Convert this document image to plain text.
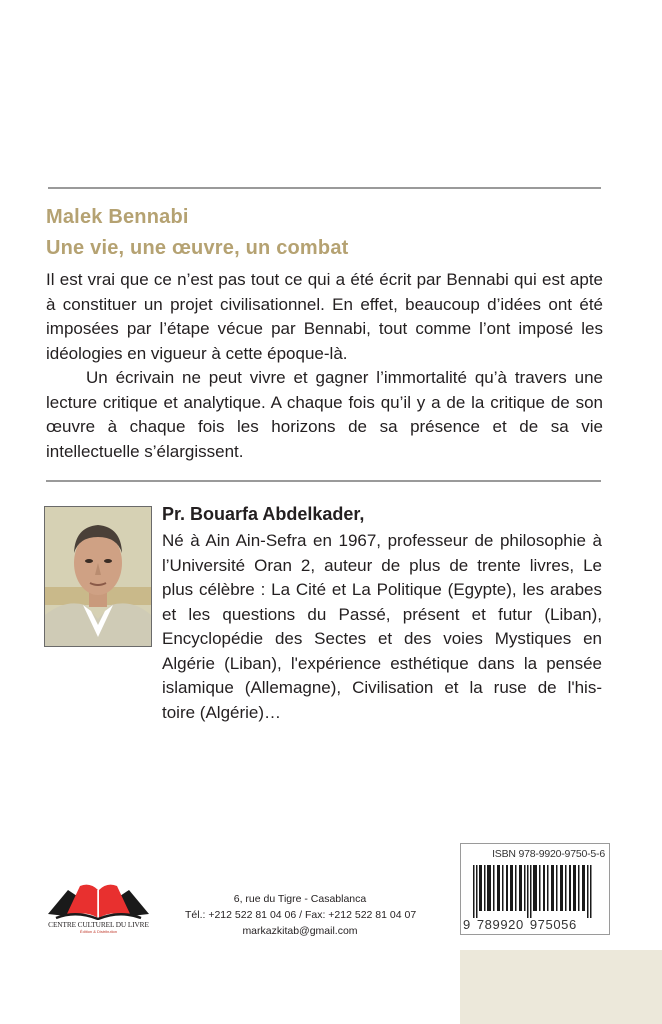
Malek Bennabi
Une vie, une œuvre, un combat
Il est vrai que ce n’est pas tout ce qui a été écrit par Bennabi qui est apte
à constituer un projet civilisationnel. En effet, beaucoup d’idées ont été
imposées par l’étape vécue par Bennabi, tout comme l’ont imposé les
idéologies en vigueur à cette époque-là.
Un écrivain ne peut vivre et gagner l’immortalité qu’à travers une
lecture critique et analytique. A chaque fois qu’il y a de la critique de son
œuvre à chaque fois les horizons de sa présence et de sa vie
intellectuelle s’élargissent.
Pr. Bouarfa Abdelkader,
Né à Ain Ain-Sefra en 1967, professeur de philosophie à
l’Université Oran 2, auteur de plus de trente livres, Le
plus célèbre : La Cité et La Politique (Egypte), les arabes
et les questions du Passé, présent et futur (Liban),
Encyclopédie des Sectes et des voies Mystiques en
Algérie (Liban), l'expérience esthétique dans la pensée
islamique (Allemagne), Civilisation et la ruse de l'his-
toire (Algérie)…
CENTRE CULTUREL DU LIVRE
Édition & Distribution
6, rue du Tigre - Casablanca
Tél.: +212 522 81 04 06 / Fax: +212 522 81 04 07
markazkitab@gmail.com
ISBN 978-9920-9750-5-6
9 789920 975056
